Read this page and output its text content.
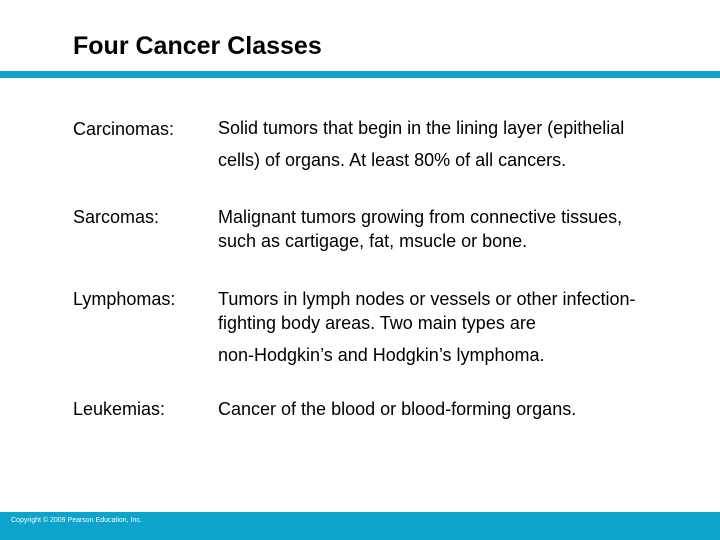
Four Cancer Classes
Carcinomas: Solid tumors that begin in the lining layer (epithelial
cells) of organs. At least 80% of all cancers.
Sarcomas:	Malignant tumors growing from connective tissues,
such as cartigage, fat, msucle or bone.
Lymphomas: Tumors in lymph nodes or vessels or other infection-
fighting body areas. Two main types are
non-Hodgkin’s and Hodgkin’s lymphoma.
Leukemias:	Cancer of the blood or blood-forming organs.
Copyright © 2009 Pearson Education, Inc.
